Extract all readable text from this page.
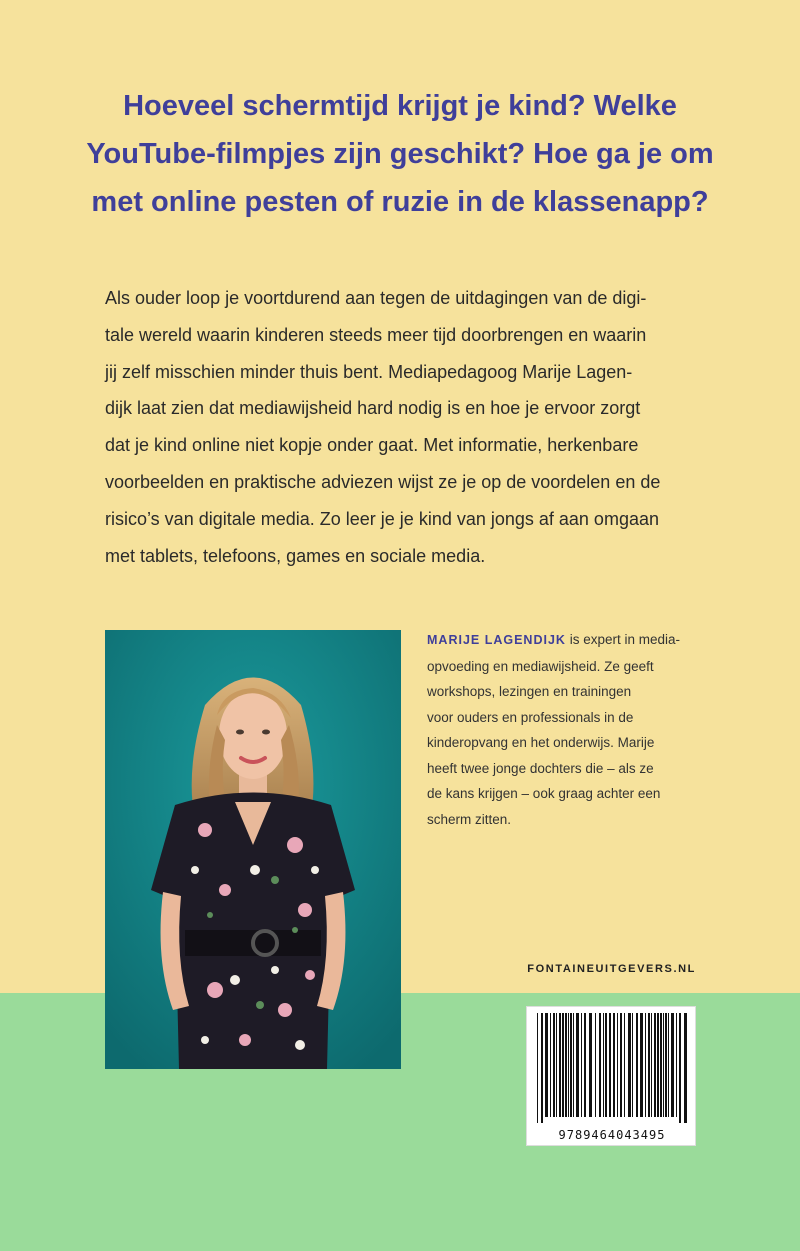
Hoeveel schermtijd krijgt je kind? Welke
YouTube-filmpjes zijn geschikt? Hoe ga je om
met online pesten of ruzie in de klassenapp?

Als ouder loop je voortdurend aan tegen de uitdagingen van de digi-
tale wereld waarin kinderen steeds meer tijd doorbrengen en waarin
jij zelf misschien minder thuis bent. Mediapedagoog Marije Lagen-
dijk laat zien dat mediawijsheid hard nodig is en hoe je ervoor zorgt
dat je kind online niet kopje onder gaat. Met informatie, herkenbare
voorbeelden en praktische adviezen wijst ze je op de voordelen en de
risico’s van digitale media. Zo leer je je kind van jongs af aan omgaan
met tablets, telefoons, games en sociale media.

MARIJE LAGENDIJK is expert in media-
opvoeding en mediawijsheid. Ze geeft
workshops, lezingen en trainingen
voor ouders en professionals in de
kinderopvang en het onderwijs. Marije
heeft twee jonge dochters die – als ze
de kans krijgen – ook graag achter een
scherm zitten.

FONTAINEUITGEVERS.NL
9789464043495
